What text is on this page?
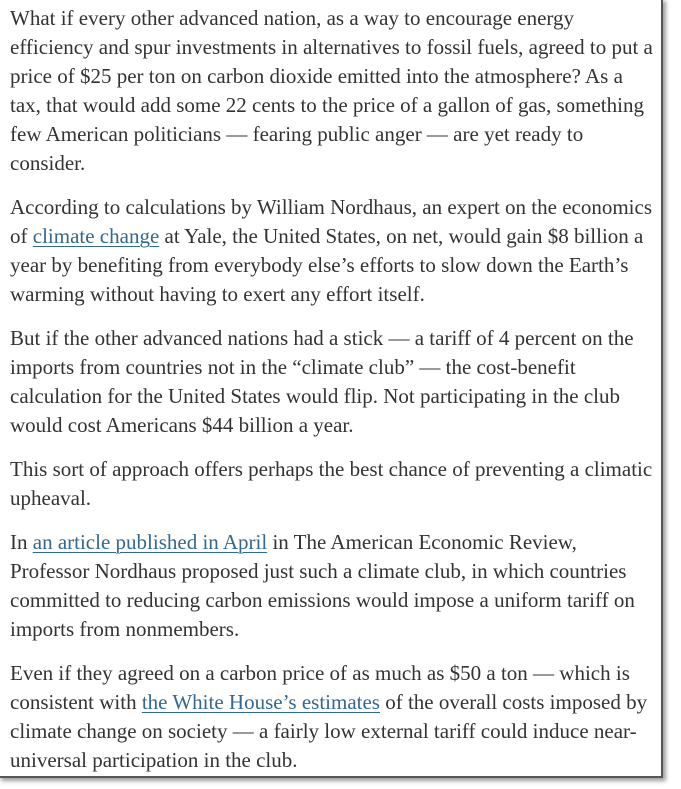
What if every other advanced nation, as a way to encourage energy efficiency and spur investments in alternatives to fossil fuels, agreed to put a price of $25 per ton on carbon dioxide emitted into the atmosphere? As a tax, that would add some 22 cents to the price of a gallon of gas, something few American politicians — fearing public anger — are yet ready to consider.

According to calculations by William Nordhaus, an expert on the economics of climate change at Yale, the United States, on net, would gain $8 billion a year by benefiting from everybody else’s efforts to slow down the Earth’s warming without having to exert any effort itself.

But if the other advanced nations had a stick — a tariff of 4 percent on the imports from countries not in the “climate club” — the cost-benefit calculation for the United States would flip. Not participating in the club would cost Americans $44 billion a year.

This sort of approach offers perhaps the best chance of preventing a climatic upheaval.

In an article published in April in The American Economic Review, Professor Nordhaus proposed just such a climate club, in which countries committed to reducing carbon emissions would impose a uniform tariff on imports from nonmembers.

Even if they agreed on a carbon price of as much as $50 a ton — which is consistent with the White House’s estimates of the overall costs imposed by climate change on society — a fairly low external tariff could induce near-universal participation in the club.
